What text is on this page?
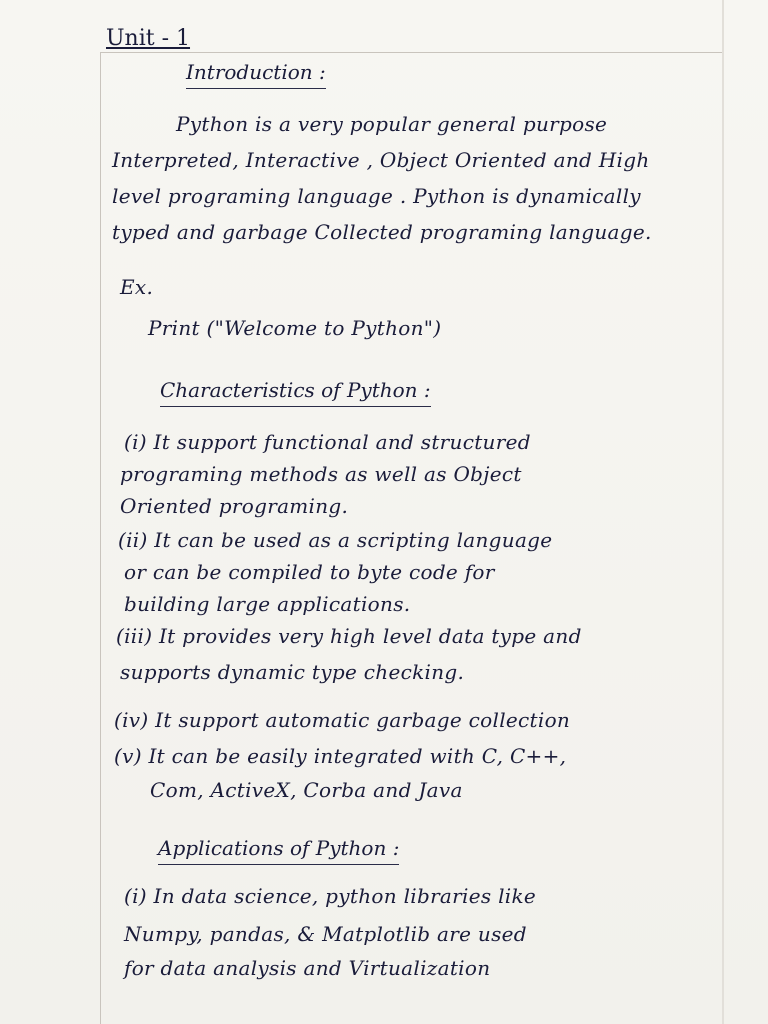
Unit - 1
Introduction :
Python is a very popular general purpose
Interpreted, Interactive , Object Oriented and High
level programing language . Python is dynamically
typed and garbage Collected programing language.
Ex.
Print ("Welcome to Python")
Characteristics of Python :
(i) It support functional and structured
programing methods as well as Object
Oriented programing.
(ii) It can be used as a scripting language
or can be compiled to byte code for
building large applications.
(iii) It provides very high level data type and
supports dynamic type checking.
(iv) It support automatic garbage collection
(v) It can be easily integrated with C, C++,
Com, ActiveX, Corba and Java
Applications of Python :
(i) In data science, python libraries like
Numpy, pandas, & Matplotlib are used
for data analysis and Virtualization
